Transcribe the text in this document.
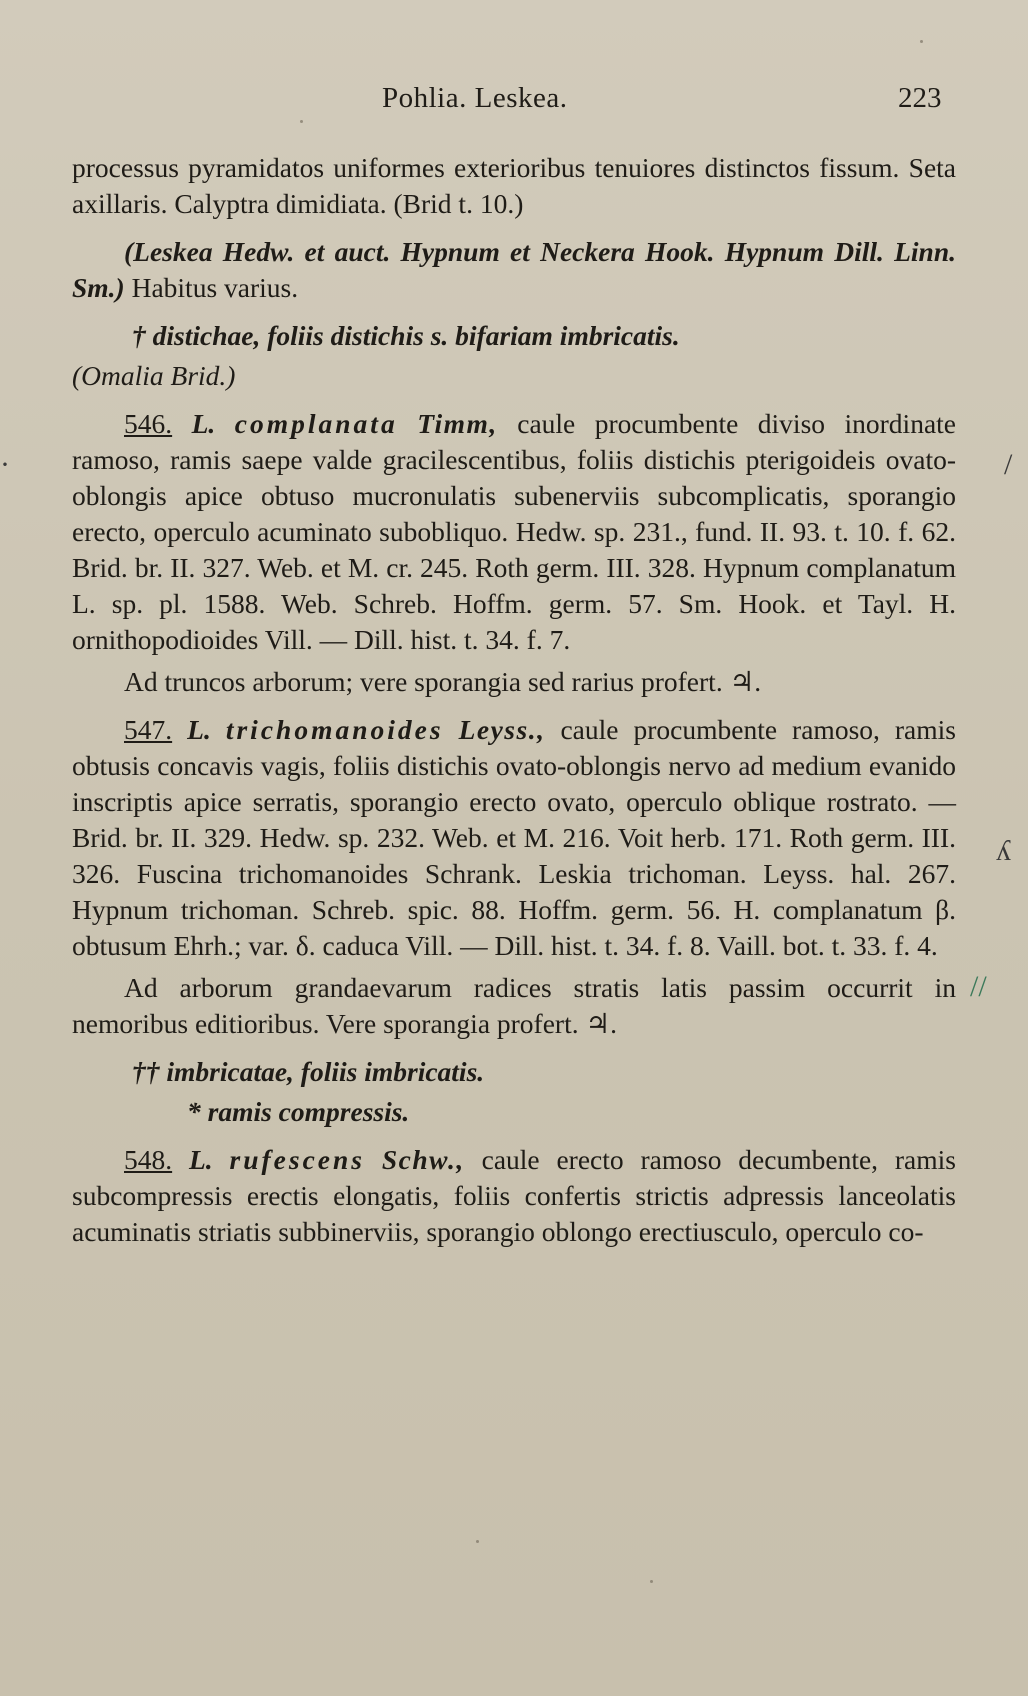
Pohlia. Leskea.	223

processus pyramidatos uniformes exterioribus tenuiores distinctos fissum. Seta axillaris. Calyptra dimidiata. (Brid t. 10.)

(Leskea Hedw. et auct. Hypnum et Neckera Hook. Hypnum Dill. Linn. Sm.) Habitus varius.

† distichae, foliis distichis s. bifariam imbricatis.

(Omalia Brid.)

546. L. complanata Timm, caule procumbente diviso inordinate ramoso, ramis saepe valde gracilescentibus, foliis distichis pterigoideis ovato-oblongis apice obtuso mucronulatis subenerviis subcomplicatis, sporangio erecto, operculo acuminato subobliquo. Hedw. sp. 231., fund. II. 93. t. 10. f. 62. Brid. br. II. 327. Web. et M. cr. 245. Roth germ. III. 328. Hypnum complanatum L. sp. pl. 1588. Web. Schreb. Hoffm. germ. 57. Sm. Hook. et Tayl. H. ornithopodioides Vill. — Dill. hist. t. 34. f. 7.

Ad truncos arborum; vere sporangia sed rarius profert. ♃.

547. L. trichomanoides Leyss., caule procumbente ramoso, ramis obtusis concavis vagis, foliis distichis ovato-oblongis nervo ad medium evanido inscriptis apice serratis, sporangio erecto ovato, operculo oblique rostrato. — Brid. br. II. 329. Hedw. sp. 232. Web. et M. 216. Voit herb. 171. Roth germ. III. 326. Fuscina trichomanoides Schrank. Leskia trichoman. Leyss. hal. 267. Hypnum trichoman. Schreb. spic. 88. Hoffm. germ. 56. H. complanatum β. obtusum Ehrh.; var. δ. caduca Vill. — Dill. hist. t. 34. f. 8. Vaill. bot. t. 33. f. 4.

Ad arborum grandaevarum radices stratis latis passim occurrit in nemoribus editioribus. Vere sporangia profert. ♃.

†† imbricatae, foliis imbricatis.

* ramis compressis.

548. L. rufescens Schw., caule erecto ramoso decumbente, ramis subcompressis erectis elongatis, foliis confertis strictis adpressis lanceolatis acuminatis striatis subbinerviis, sporangio oblongo erectiusculo, operculo co-

/
ʎ
//
·
